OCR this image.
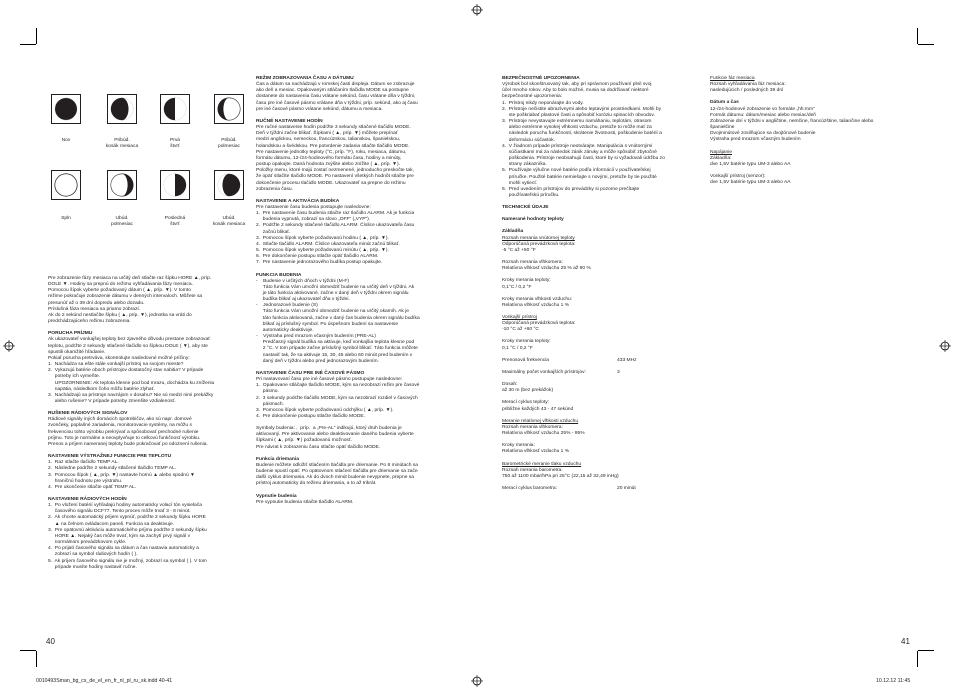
Nov	Pribúd.
kosák mesiaca
Prvá
štvrť
Pribúd.
polmesiac
Spln	Ubúd.
polmesiac
Posledná
štvrť
Ubúd.
kosák mesiaca

Pre zobrazenie fázy mesiaca na určitý deň stlačte raz šípku HORE ▲, príp.
DOLE ▼. Hodiny sa prepnú do režimu vyhľadávania fázy mesiaca.
Pomocou šípok vyberte požadovaný dátum ( ▲, príp. ▼). V tomto
režime pokračuje zobrazenie dátumu v denných intervaloch. Môžete sa
presunúť až o 39 dní dopredu alebo dozadu.
Príslušná fáza mesiaca sa priamo zobrazí.
Ak do 2 sekúnd nestlačíte šípku ( ▲, príp. ▼), jednotka sa vráti do
predchádzajúceho režimu zobrazenia.

PORUCHA PRÍJMU

Ak ukazovateľ vonkajšej teploty bez zjavného dôvodu prestane zobrazovať
teplotu, podržte 2 sekundy stlačené tlačidlo so šípkou DOLE ( ▼), aby ste
spustili okamžité hľadanie.
Pokiaľ porucha pretrváva, skontrolujte nasledovné možné príčiny:
1.  Nachádza sa ešte stále vonkajší prístroj na svojom mieste?
2.  Vykazujú batérie oboch prístrojov dostatočný stav nabitia? V prípade
potreby ich vymeňte.
UPOZORNENIE: Ak teplota klesne pod bod mrazu, dochádza ku zníženiu
napätia, následkom čoho môžu batérie zlyhať.
3.  Nachádzajú sa prístroje navzájom v dosahu? Nie sú medzi nimi prekážky
alebo rušenie? V prípade potreby zmenšite vzdialenosť.

RUŠENIE RÁDIOVÝCH SIGNÁLOV

Rádiové signály iných domácich spotrebičov, ako sú napr. domové
zvončeky, poplašné zariadenia, monitorovacie systémy, na môžu s
frekvenciou tohto výrobku prekrývať a spôsobovať prechodné rušenie
príjmu. Toto je normálne a neovplyvňuje to celkovú funkčnosť výrobku.
Prenos a príjem nameranej teploty bude pokračovať po odoznení rušenia.

NASTAVENIE VÝSTRAŽNEJ FUNKCIE PRE TEPLOTU

1.  Raz stlačte tlačidlo TEMP AL.
2.  Následne podržte 2 sekundy stlačené tlačidlo TEMP AL.
3.  Pomocou šípok ( ▲, príp. ▼) nastavte hornú ▲ alebo spodnú ▼
hraničnú hodnotu pre výstrahu.
4.  Pre ukončenie stlačte opäť TEMP AL.

NASTAVENIE RÁDIOVÝCH HODÍN

1.  Po vložení batérií vyhľadajú hodiny automaticky volací tón vysielača
časového signálu DCF77. Tento proces môže trvať 3 - 8 minút.
2.  Ak chcete automatický príjem vypnúť, podržte 2 sekundy šípku HORE
▲ na čelnom ovládacom paneli. Funkcia sa deaktivuje.
3.  Pre opätovnú aktiváciu automatického príjmu podržte 2 sekundy šípku
HORE ▲. Nejaký čas môže trvať, kým sa zachytí prvý signál v
normálnom prevádzkovom cykle.
4.  Po prijatí časového signálu sa dátum a čas nastavia automaticky a
zobrazí sa symbol rádiových hodín ( ).
5.  Ak príjem časového signálu nie je možný, zobrazí sa symbol ( ). V tom
prípade musíte hodiny nastaviť ručne.

REŽIM ZOBRAZOVANIA ČASU A DÁTUMU

Čas a dátum sa nachádzajú v romskej časti displeja. Dátum se zobrazuje
ako deň a mesiac. Opakovaným stláčaním tlačidla MODE sa postupne
dostanete do nastavenia času vrátane sekúnd, času vrátane dňa v týždni,
času pre iné časové pásmo vrátane dňa v týždni, príp. sekúnd, ako aj času
pre iné časové pásmo vrátane sekúnd, dátumu a mesiaca.

RUČNÉ NASTAVENIE HODÍN

Pre ručné nastavenie hodín podržte 3 sekundy stlačené tlačidlo MODE.
Deň v týždni začne blikať. Šípkami ( ▲, príp. ▼) môžete prepínať
medzi anglickou, nemeckou, francúzskou, talianskou, španielskou,
holandskou a švédskou. Pre potvrdenie zadania stlačte tlačidlo MODE.
Pre nastavenie jednotky teploty (°C, príp. °F), roku, mesiaca, dátumu,
formátu dátumu, 12-/24-hodinového formátu času, hodiny a minúty,
postup opakujte. Daná hodnota zvýšite alebo znížite ( ▲, príp. ▼).
Položky menu, ktoré majú zostať nezmenené, jednoducho preskočte tak,
že opäť stlačíte tlačidlo MODE. Po nastavení všetkých hodnôt stlačte pre
dokončenie procesu tlačidlo MODE. Ukazovateľ sa prepne do režimu
zobrazenia času.

NASTAVENIE A AKTIVÁCIA BUDÍKA

Pre nastavenie času budenia postupujte nasledovne:
1.  Pre nastavenie času budenia stlačte raz tlačidlo ALARM. Ak je funkcia
budenia vypnutá, zobrazí sa slovo „OFF“ („VYP“).
2.  Podržte 2 sekundy stlačené tlačidlo ALARM. Číslice ukazovateľa času
začnú blikať.
3.  Pomocou šípok vyberte požadovanú hodinu ( ▲, príp. ▼).
4.  Stlačte tlačidlo ALARM. Číslice ukazovateľa minút začnú blikať.
5.  Pomocou šípok vyberte požadovanú minútu ( ▲, príp. ▼).
6.  Pre dokončenie postupu stlačte opäť tlačidlo ALARM.
7.  Pre nastavenie jednorazového budíka postup opakujte.

FUNKCIA BUDENIA

-    Budenie v určitých dňoch v týždni (M-F)
Táto funkcia Vám umožní obmedziť budenie na určitý deň v týždni. Ak
je táto funkcia aktivované, začne v daný deň v týždni okrem signálu
budíka blikať aj ukazovateľ dňa v týždni.
-    Jednorazové budenie (S)
Táto funkcia Vám umožní obmedziť budenie na určitý okamih. Ak je
táto funkcia aktivovaná, začne v daný čas budenia okrem signálu budíka
blikať aj príslušný symbol. Po úspešnom budení sa nastavenie
automaticky deaktivuje.
-    Výstraha pred mrazom včasným budením (PRE-AL)
Predčasný signál budíka sa aktivuje, keď vonkajšia teplota klesne pod
2 °C. V tom prípade začne príslušný symbol blikať. Táto funkcia môžete
nastaviť tak, že sa aktivuje 15, 30, 45 alebo 60 minút pred budením v
daný deň v týždni alebo pred jednorazovým budením.

NASTAVENIE ČASU PRE INÉ ČASOVÉ PÁSMO

Pri nastavovaní času pre iné časové pásmo postupujte nasledovne:
1.  Opakovane stláčajte tlačidlo MODE, kým sa nezobrazí režim pre časové
pásmo.
2.  3 sekundy podržte tlačidlo MODE, kým sa nezobrazí rozdiel v časových
pásmach.
3.  Pomocou šípok vyberte požadovanú odchýlku ( ▲, príp. ▼).
4.  Pre dokončenie postupu stlačte tlačidlo MODE.

Symboly budenia: ,  príp.  a „Pre-AL“ indikujú, ktorý druh budenia je
aktivovaný. Pre aktivovanie alebo deaktivovanie daného budenia vyberte
šípkami ( ▲, príp. ▼) požadovanú možnosť.
Pre návrat k zobrazeniu času stlačte opäť tlačidlo MODE.

Funkcia driemania

Budenie môžete odložiť stlačením tlačidla pre driemanie. Po 8 minútach sa
budenie spustí opäť. Po opätovnom stlačení tlačidla pre driemanie sa zače
další cyklus driemania. Ak do dvoch minút budenie nevypnete, prepne sa
prístroj automaticky do režimu driemania, a to až trikrát.

Vypnutie budenia

Pre vypnutie budenia stlačte tlačidlo ALARM.

BEZPEČNOSTNÉ UPOZORNENIA

Výrobok bol skonštruovaný tak, aby pri správnom používaní plnil svoj
účel mnoho rokov. Aby to bolo možné, musia sa dodržiavať niektoré
bezpečnostné upozornenia:
1.  Prístroj nikdy neponárajte do vody.
2.  Prístroje nečistite abrazívnymi alebo leptavými prostriedkami. Mohli by
ste poškriabať plastové časti a spôsobiť koróziu spinacích obvodov.
3.  Prístroje nevystavujte extrémnemu namáhaniu, teplotám, otrasom
alebo extrémne vysokej vlhkosti vzduchu, pretože to môže mať za
následok poruchu funkčnosti, skrátenie životnosti, poškodenie batérií a
deformáciu súčastok.
4.  V žiadnom prípade prístroje neotvárajte. Manipulácia s vnútornými
súčiastkami má za následok zánik záruky a môže spôsobiť zbytočné
poškodenia. Prístroje neobsahujú časti, ktoré by si vyžadovali údržbu zo
strany zákazníka.
5.  Používajte výlučne nové batérie podľa informácií v používateľskej
príručke. Použité batérie nemiešajte s novými, pretože by tie použité
mohli vytiecť.
6.  Pred uvedením prístrojov do prevádzky si pozorne prečítajte
používateľskú príručku.

TECHNICKÉ ÚDAJE

Namerané hodnoty teploty

Základňa

Rozsah merania vnútornej teploty

Odporúčaná prevádzková teplota:
-5 °C až +50 °F

Rozsah merania vlhkomera:
Relatívna vlhkosť vzduchu 25 % až 90 %

Kroky merania teploty:
0,1°C / 0,2 °F

Kroky merania vlhkosti vzduchu:
Relatívna vlhkosť vzduchu 1 %

Vonkajší prístroj

Odporúčaná prevádzková teplota:
-10 °C až +60 °C

Kroky merania teploty:
0,1 °C / 0,2 °F

Prenosová frekvencia	433 MHz

Maximálny počet vonkajších prístrojov:	3

Dosah:
až 30 m (bez prekážok)

Merací cyklus teploty:
približne každých 43 - 47 sekúnd

Meranie relatívnej vlhkosti vzduchu

Rozsah merania vlhkomera:
Relatívna vlhkosť vzduchu 25% - 95%

Kroky merania:
Relatívna vlhkosť vzduchu 1 %

Barometrické meranie tlaku vzduchu

Rozsah merania barometra:
750 až 1100 mbar/hPa pri 25°C (22,15 až 32,49 inHg)

Merací cyklus barometra:	20 minút

Funkcie fáz mesiaca

Rozsah vyhľadávania fáz mesiaca:
nasledujúcich / posledných 39 dní

Dátum a čas

12-/24-hodinové zobrazenie vo formáte „hh:mm“
Formát dátumu: dátum/mesiac alebo mesiac/deň
Zobrazenie dní v týždni v angličtine, nemčine, francúzštine, taliančine alebo
španielčine
Dvojminútové zosilňujúce sa dvojtónové budenie
Výstraha pred mrazom včasným budením

Napájanie

Základňa:
dve 1,5V batérie typu UM-3 alebo AA

Vonkajší prístroj (senzor):
dve 1,5V batérie typu UM-3 alebo AA

40	41
0010493Sman_bg_cs_de_el_en_fr_nl_pl_ru_sk.indd 40-41	10.12.12 11:45
